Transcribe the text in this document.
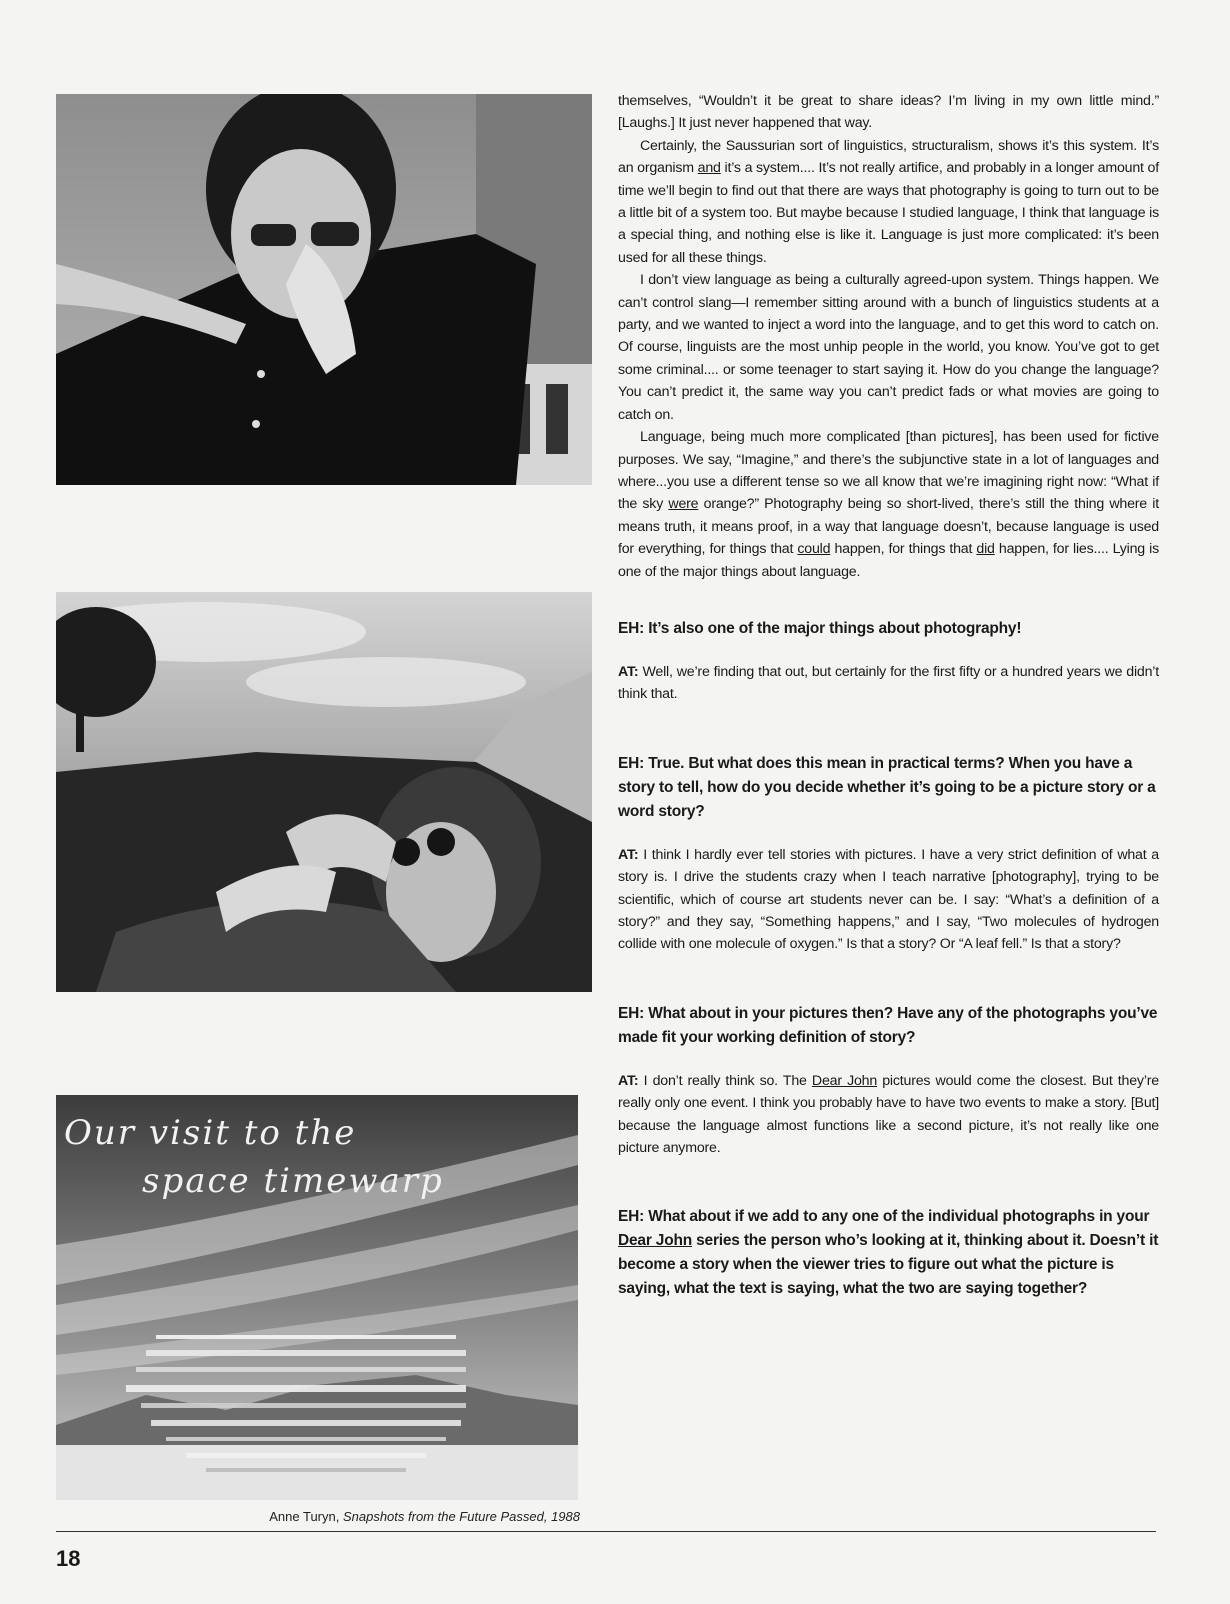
Our visit to the
space timewarp
Anne Turyn, Snapshots from the Future Passed, 1988

themselves, “Wouldn’t it be great to share ideas? I’m living in my own little mind.” [Laughs.] It just never happened that way.

Certainly, the Saussurian sort of linguistics, structuralism, shows it’s this system. It’s an organism and it’s a system.... It’s not really artifice, and probably in a longer amount of time we’ll begin to find out that there are ways that photography is going to turn out to be a little bit of a system too. But maybe because I studied language, I think that language is a special thing, and nothing else is like it. Language is just more complicated: it’s been used for all these things.

I don’t view language as being a culturally agreed-upon system. Things happen. We can’t control slang—I remember sitting around with a bunch of linguistics students at a party, and we wanted to inject a word into the language, and to get this word to catch on. Of course, linguists are the most unhip people in the world, you know. You’ve got to get some criminal.... or some teenager to start saying it. How do you change the language? You can’t predict it, the same way you can’t predict fads or what movies are going to catch on.

Language, being much more complicated [than pictures], has been used for fictive purposes. We say, “Imagine,” and there’s the subjunctive state in a lot of languages and where...you use a different tense so we all know that we’re imagining right now: “What if the sky were orange?” Photography being so short-lived, there’s still the thing where it means truth, it means proof, in a way that language doesn’t, because language is used for everything, for things that could happen, for things that did happen, for lies.... Lying is one of the major things about language.

EH: It’s also one of the major things about photography!

AT: Well, we’re finding that out, but certainly for the first fifty or a hundred years we didn’t think that.

EH: True. But what does this mean in practical terms? When you have a story to tell, how do you decide whether it’s going to be a picture story or a word story?

AT: I think I hardly ever tell stories with pictures. I have a very strict definition of what a story is. I drive the students crazy when I teach narrative [photography], trying to be scientific, which of course art students never can be. I say: “What’s a definition of a story?” and they say, “Something happens,” and I say, “Two molecules of hydrogen collide with one molecule of oxygen.” Is that a story? Or “A leaf fell.” Is that a story?

EH: What about in your pictures then? Have any of the photographs you’ve made fit your working definition of story?

AT: I don’t really think so. The Dear John pictures would come the closest. But they’re really only one event. I think you probably have to have two events to make a story. [But] because the language almost functions like a second picture, it’s not really like one picture anymore.

EH: What about if we add to any one of the individual photographs in your Dear John series the person who’s looking at it, thinking about it. Doesn’t it become a story when the viewer tries to figure out what the picture is saying, what the text is saying, what the two are saying together?

18
